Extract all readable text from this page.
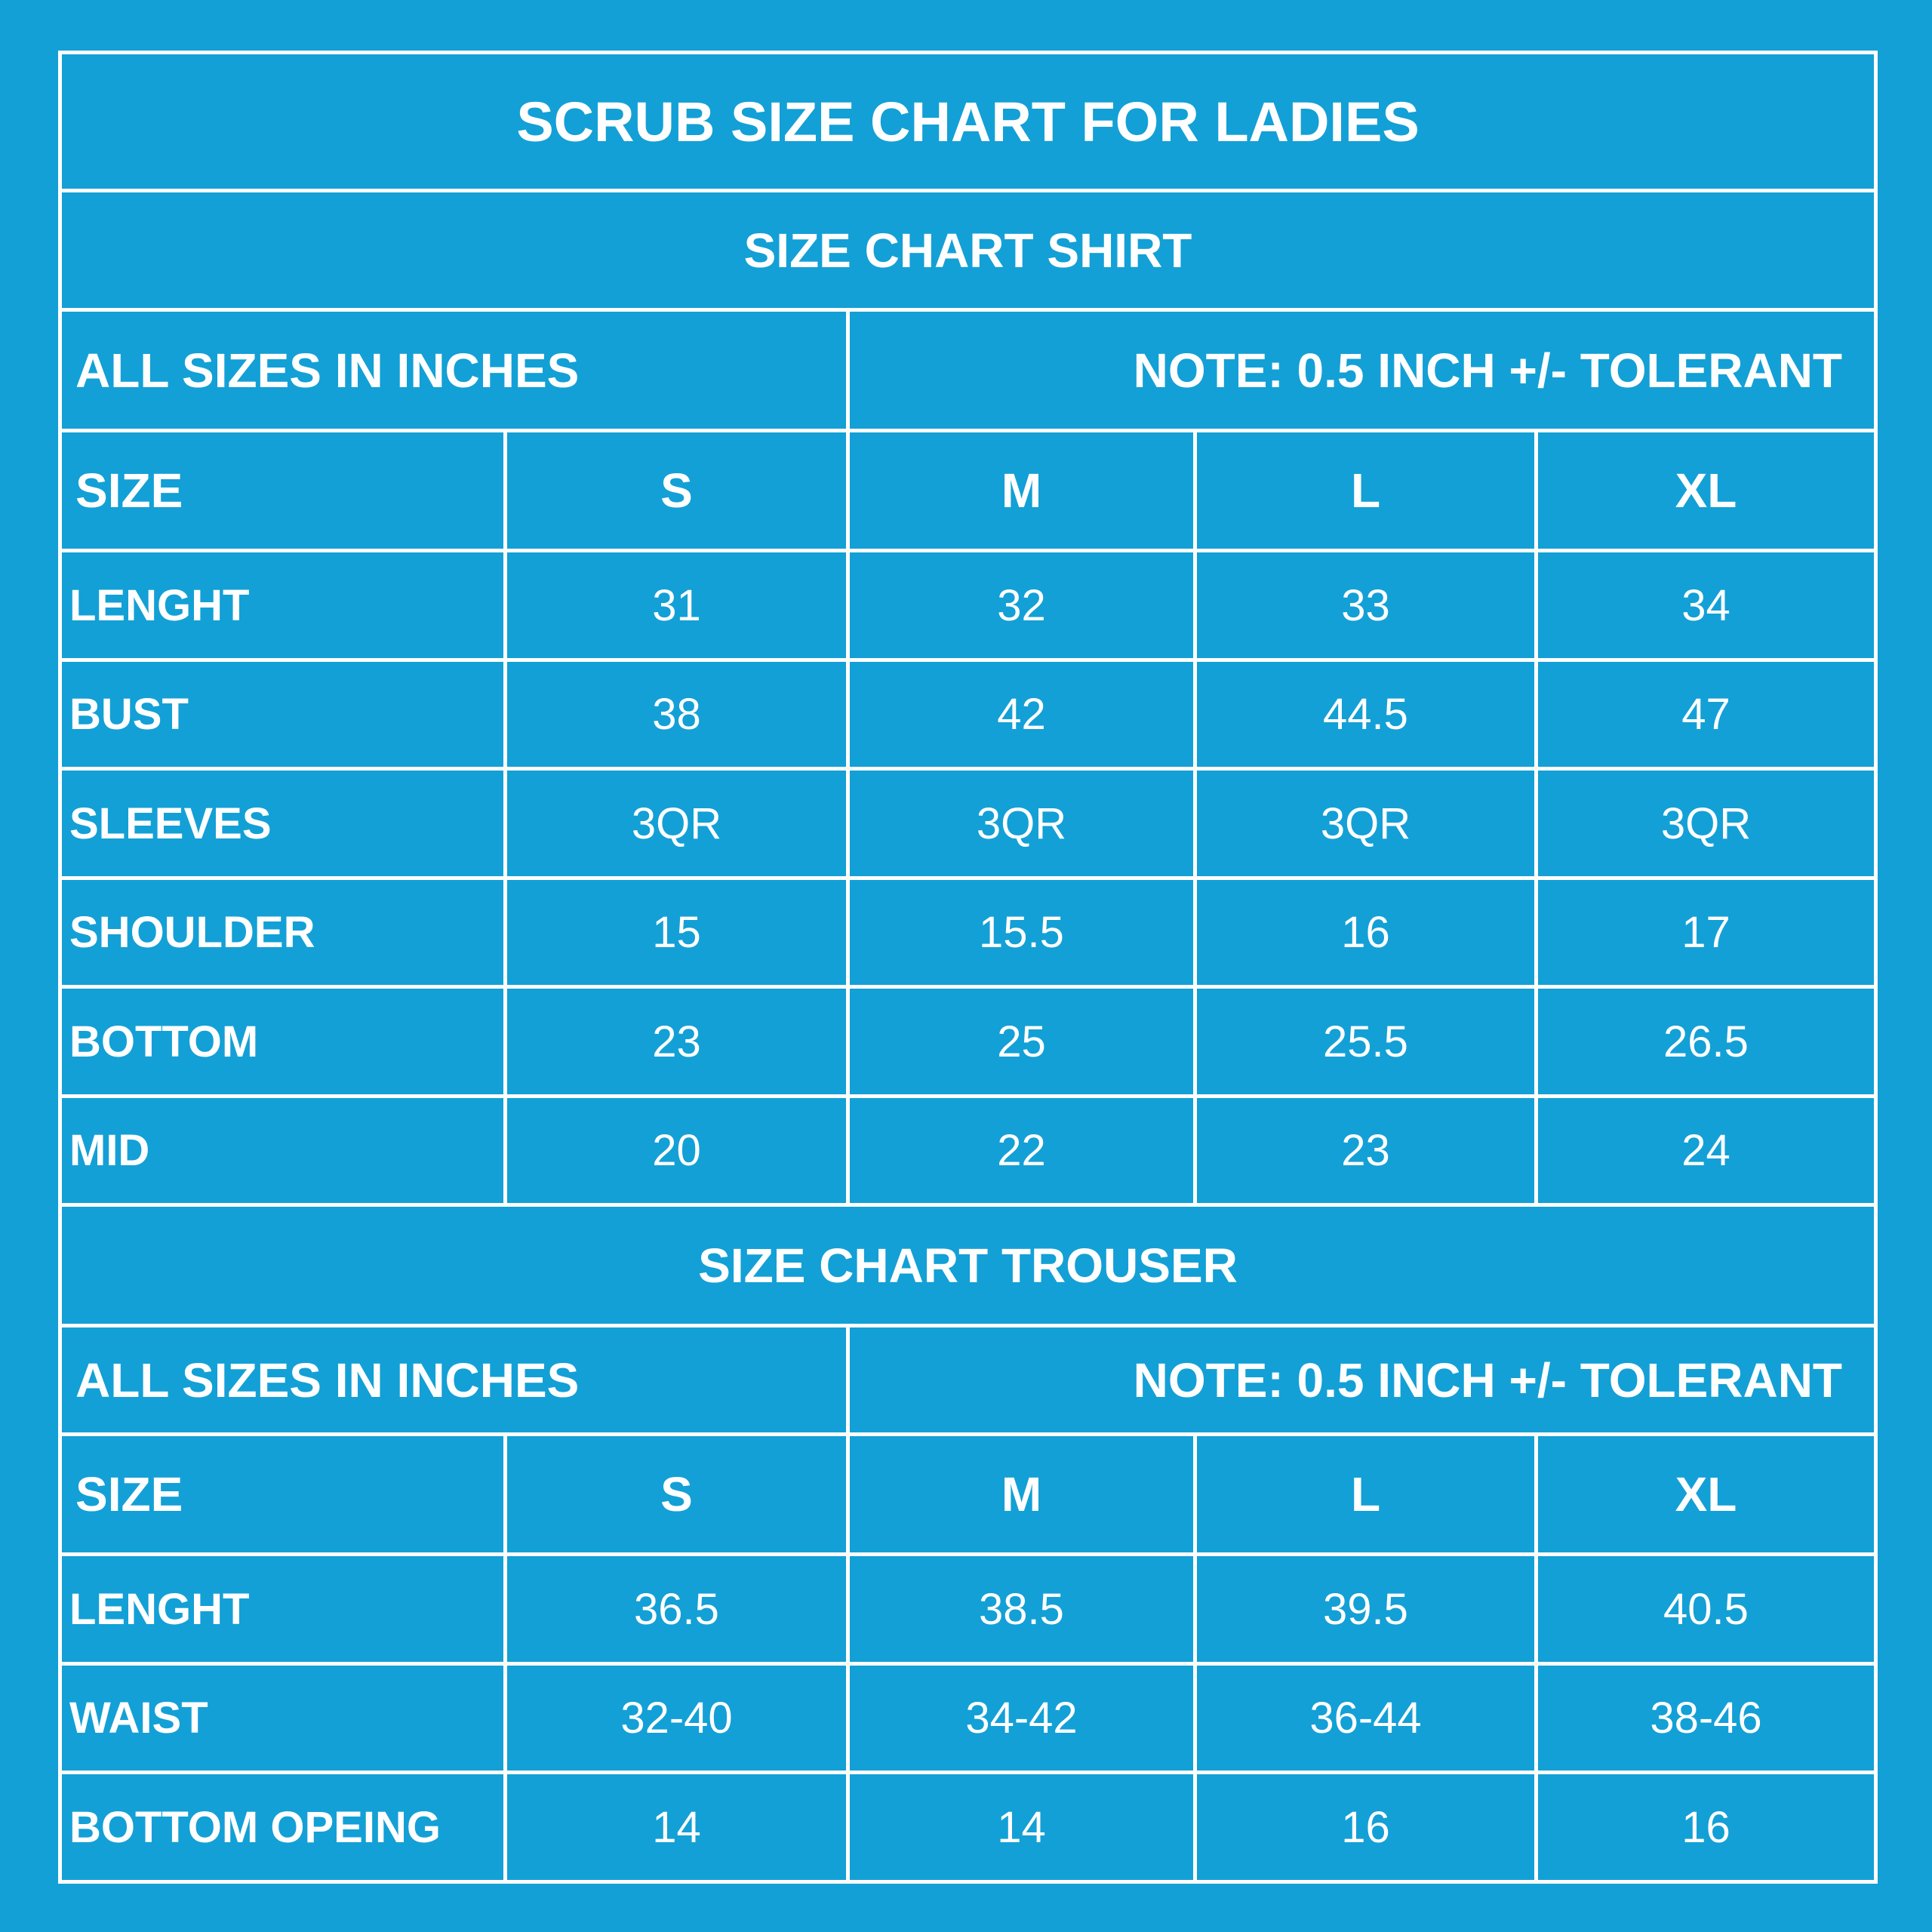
SCRUB SIZE CHART FOR LADIES
SIZE CHART SHIRT
ALL SIZES IN INCHES	NOTE: 0.5 INCH +/- TOLERANT
SIZE	S	M	L	XL
LENGHT	31	32	33	34
BUST	38	42	44.5	47
SLEEVES	3QR	3QR	3QR	3QR
SHOULDER	15	15.5	16	17
BOTTOM	23	25	25.5	26.5
MID	20	22	23	24
SIZE CHART TROUSER
ALL SIZES IN INCHES	NOTE: 0.5 INCH +/- TOLERANT
SIZE	S	M	L	XL
LENGHT	36.5	38.5	39.5	40.5
WAIST	32-40	34-42	36-44	38-46
BOTTOM OPEING	14	14	16	16
